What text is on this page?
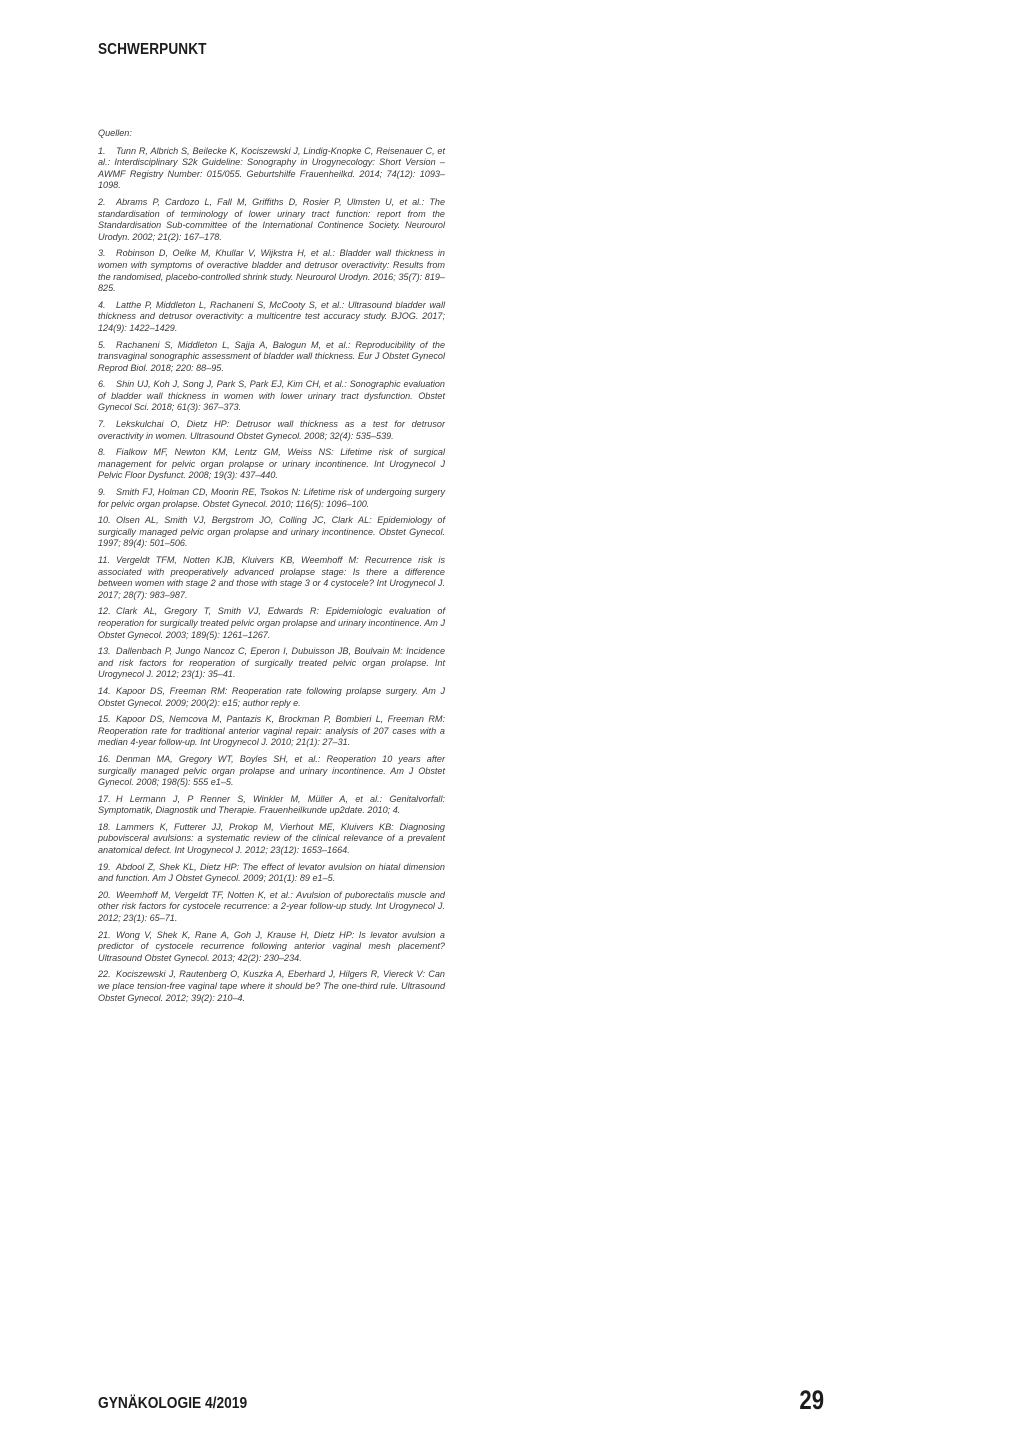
SCHWERPUNKT
Quellen:
1. Tunn R, Albrich S, Beilecke K, Kociszewski J, Lindig-Knopke C, Reisenauer C, et al.: Interdisciplinary S2k Guideline: Sonography in Urogynecology: Short Version – AWMF Registry Number: 015/055. Geburtshilfe Frauenheilkd. 2014; 74(12): 1093–1098.
2. Abrams P, Cardozo L, Fall M, Griffiths D, Rosier P, Ulmsten U, et al.: The standardisation of terminology of lower urinary tract function: report from the Standardisation Sub-committee of the International Continence Society. Neurourol Urodyn. 2002; 21(2): 167–178.
3. Robinson D, Oelke M, Khullar V, Wijkstra H, et al.: Bladder wall thickness in women with symptoms of overactive bladder and detrusor overactivity: Results from the randomised, placebo-controlled shrink study. Neurourol Urodyn. 2016; 35(7): 819–825.
4. Latthe P, Middleton L, Rachaneni S, McCooty S, et al.: Ultrasound bladder wall thickness and detrusor overactivity: a multicentre test accuracy study. BJOG. 2017; 124(9): 1422–1429.
5. Rachaneni S, Middleton L, Sajja A, Balogun M, et al.: Reproducibility of the transvaginal sonographic assessment of bladder wall thickness. Eur J Obstet Gynecol Reprod Biol. 2018; 220: 88–95.
6. Shin UJ, Koh J, Song J, Park S, Park EJ, Kim CH, et al.: Sonographic evaluation of bladder wall thickness in women with lower urinary tract dysfunction. Obstet Gynecol Sci. 2018; 61(3): 367–373.
7. Lekskulchai O, Dietz HP: Detrusor wall thickness as a test for detrusor overactivity in women. Ultrasound Obstet Gynecol. 2008; 32(4): 535–539.
8. Fialkow MF, Newton KM, Lentz GM, Weiss NS: Lifetime risk of surgical management for pelvic organ prolapse or urinary incontinence. Int Urogynecol J Pelvic Floor Dysfunct. 2008; 19(3): 437–440.
9. Smith FJ, Holman CD, Moorin RE, Tsokos N: Lifetime risk of undergoing surgery for pelvic organ prolapse. Obstet Gynecol. 2010; 116(5): 1096–100.
10. Olsen AL, Smith VJ, Bergstrom JO, Colling JC, Clark AL: Epidemiology of surgically managed pelvic organ prolapse and urinary incontinence. Obstet Gynecol. 1997; 89(4): 501–506.
11. Vergeldt TFM, Notten KJB, Kluivers KB, Weemhoff M: Recurrence risk is associated with preoperatively advanced prolapse stage: Is there a difference between women with stage 2 and those with stage 3 or 4 cystocele? Int Urogynecol J. 2017; 28(7): 983–987.
12. Clark AL, Gregory T, Smith VJ, Edwards R: Epidemiologic evaluation of reoperation for surgically treated pelvic organ prolapse and urinary incontinence. Am J Obstet Gynecol. 2003; 189(5): 1261–1267.
13. Dallenbach P, Jungo Nancoz C, Eperon I, Dubuisson JB, Boulvain M: Incidence and risk factors for reoperation of surgically treated pelvic organ prolapse. Int Urogynecol J. 2012; 23(1): 35–41.
14. Kapoor DS, Freeman RM: Reoperation rate following prolapse surgery. Am J Obstet Gynecol. 2009; 200(2): e15; author reply e.
15. Kapoor DS, Nemcova M, Pantazis K, Brockman P, Bombieri L, Freeman RM: Reoperation rate for traditional anterior vaginal repair: analysis of 207 cases with a median 4-year follow-up. Int Urogynecol J. 2010; 21(1): 27–31.
16. Denman MA, Gregory WT, Boyles SH, et al.: Reoperation 10 years after surgically managed pelvic organ prolapse and urinary incontinence. Am J Obstet Gynecol. 2008; 198(5): 555 e1–5.
17. H Lermann J, P Renner S, Winkler M, Müller A, et al.: Genitalvorfall: Symptomatik, Diagnostik und Therapie. Frauenheilkunde up2date. 2010; 4.
18. Lammers K, Futterer JJ, Prokop M, Vierhout ME, Kluivers KB: Diagnosing pubovisceral avulsions: a systematic review of the clinical relevance of a prevalent anatomical defect. Int Urogynecol J. 2012; 23(12): 1653–1664.
19. Abdool Z, Shek KL, Dietz HP: The effect of levator avulsion on hiatal dimension and function. Am J Obstet Gynecol. 2009; 201(1): 89 e1–5.
20. Weemhoff M, Vergeldt TF, Notten K, et al.: Avulsion of puborectalis muscle and other risk factors for cystocele recurrence: a 2-year follow-up study. Int Urogynecol J. 2012; 23(1): 65–71.
21. Wong V, Shek K, Rane A, Goh J, Krause H, Dietz HP: Is levator avulsion a predictor of cystocele recurrence following anterior vaginal mesh placement? Ultrasound Obstet Gynecol. 2013; 42(2): 230–234.
22. Kociszewski J, Rautenberg O, Kuszka A, Eberhard J, Hilgers R, Viereck V: Can we place tension-free vaginal tape where it should be? The one-third rule. Ultrasound Obstet Gynecol. 2012; 39(2): 210–4.
GYNÄKOLOGIE 4/2019	29
